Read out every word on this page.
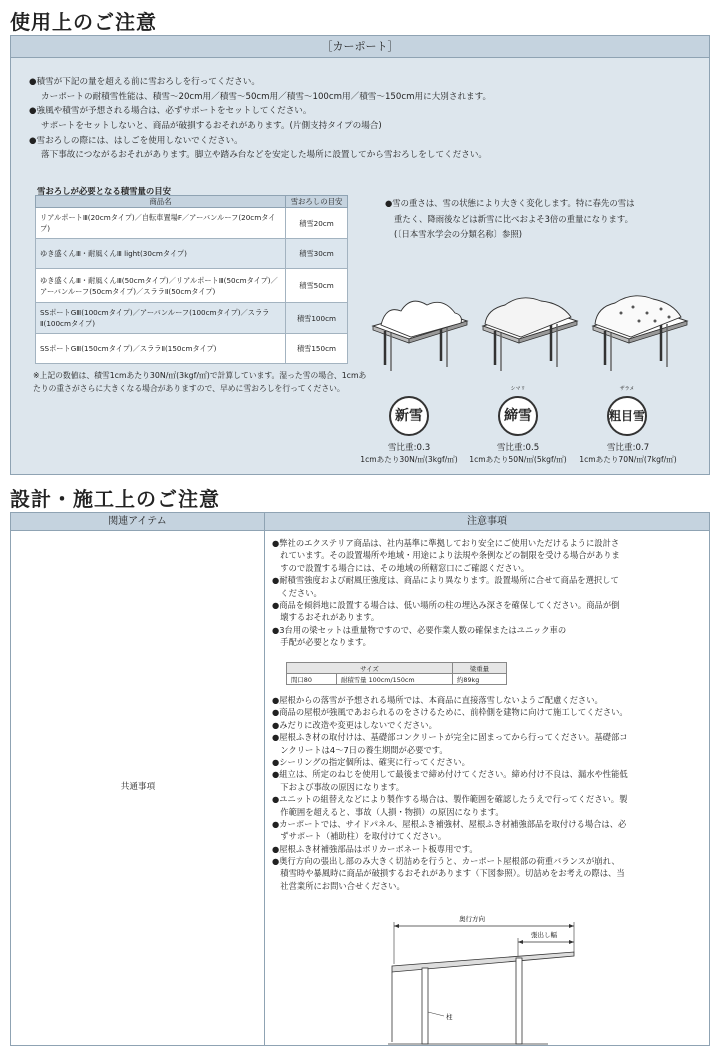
使用上のご注意
［カーポート］
●積雪が下記の量を超える前に雪おろしを行ってください。
カーポートの耐積雪性能は、積雪〜20cm用／積雪〜50cm用／積雪〜100cm用／積雪〜150cm用に大別されます。
●強風や積雪が予想される場合は、必ずサポートをセットしてください。
サポートをセットしないと、商品が破損するおそれがあります。(片側支持タイプの場合)
●雪おろしの際には、はしごを使用しないでください。
落下事故につながるおそれがあります。脚立や踏み台などを安定した場所に設置してから雪おろしをしてください。
雪おろしが必要となる積雪量の目安
商品名	雪おろしの目安
リアルポートⅢ(20cmタイプ)／自転車置場F／アーバンルーフ(20cmタイプ)	積雪20cm
ゆき盛くんⅢ・耐風くんⅢ light(30cmタイプ)	積雪30cm
ゆき盛くんⅢ・耐風くんⅢ(50cmタイプ)／リアルポートⅢ(50cmタイプ)／アーバンルーフ(50cmタイプ)／スララⅡ(50cmタイプ)	積雪50cm
SSポートGⅢ(100cmタイプ)／アーバンルーフ(100cmタイプ)／スララⅡ(100cmタイプ)	積雪100cm
SSポートGⅢ(150cmタイプ)／スララⅡ(150cmタイプ)	積雪150cm
※上記の数値は、積雪1cmあたり30N/㎡(3kgf/㎡)で計算しています。湿った雪の場合、1cmあたりの重さがさらに大きくなる場合がありますので、早めに雪おろしを行ってください。
●雪の重さは、雪の状態により大きく変化します。特に春先の雪は
重たく、降雨後などは新雪に比べおよそ3倍の重量になります。
(〔日本雪氷学会の分類名称〕参照)
新雪
シマリ
締雪
ザラメ
粗目雪
雪比重:0.3
1cmあたり30N/㎡(3kgf/㎡)
雪比重:0.5
1cmあたり50N/㎡(5kgf/㎡)
雪比重:0.7
1cmあたり70N/㎡(7kgf/㎡)
設計・施工上のご注意
関連アイテム	注意事項
共通事項
●弊社のエクステリア商品は、社内基準に準拠しており安全にご使用いただけるように設計さ
　れています。その設置場所や地域・用途により法規や条例などの制限を受ける場合がありま
　すので設置する場合には、その地域の所轄窓口にご確認ください。
●耐積雪強度および耐風圧強度は、商品により異なります。設置場所に合せて商品を選択して
　ください。
●商品を傾斜地に設置する場合は、低い場所の柱の埋込み深さを確保してください。商品が倒
　壊するおそれがあります。
●3台用の梁セットは重量物ですので、必要作業人数の確保またはユニック車の
　手配が必要となります。
サイズ		梁重量
間口80	耐積雪量 100cm/150cm	約89kg
●屋根からの落雪が予想される場所では、本商品に直接落雪しないようご配慮ください。
●商品の屋根が強風であおられるのをさけるために、前枠側を建物に向けて施工してください。
●みだりに改造や変更はしないでください。
●屋根ふき材の取付けは、基礎部コンクリートが完全に固まってから行ってください。基礎部コ
　ンクリートは4〜7日の養生期間が必要です。
●シーリングの指定個所は、確実に行ってください。
●組立は、所定のねじを使用して最後まで締め付けてください。締め付け不良は、漏水や性能低
　下および事故の原因になります。
●ユニットの組替えなどにより製作する場合は、製作範囲を確認したうえで行ってください。製
　作範囲を超えると、事故（人損・物損）の原因になります。
●カーポートでは、サイドパネル、屋根ふき補強材、屋根ふき材補強部品を取付ける場合は、必
　ずサポート（補助柱）を取付けてください。
●屋根ふき材補強部品はポリカーボネート板専用です。
●奥行方向の張出し部のみ大きく切詰めを行うと、カーポート屋根部の荷重バランスが崩れ、
　積雪時や暴風時に商品が破損するおそれがあります（下図参照）。切詰めをお考えの際は、当
　社営業所にお問い合せください。
奥行方向
張出し幅
柱
